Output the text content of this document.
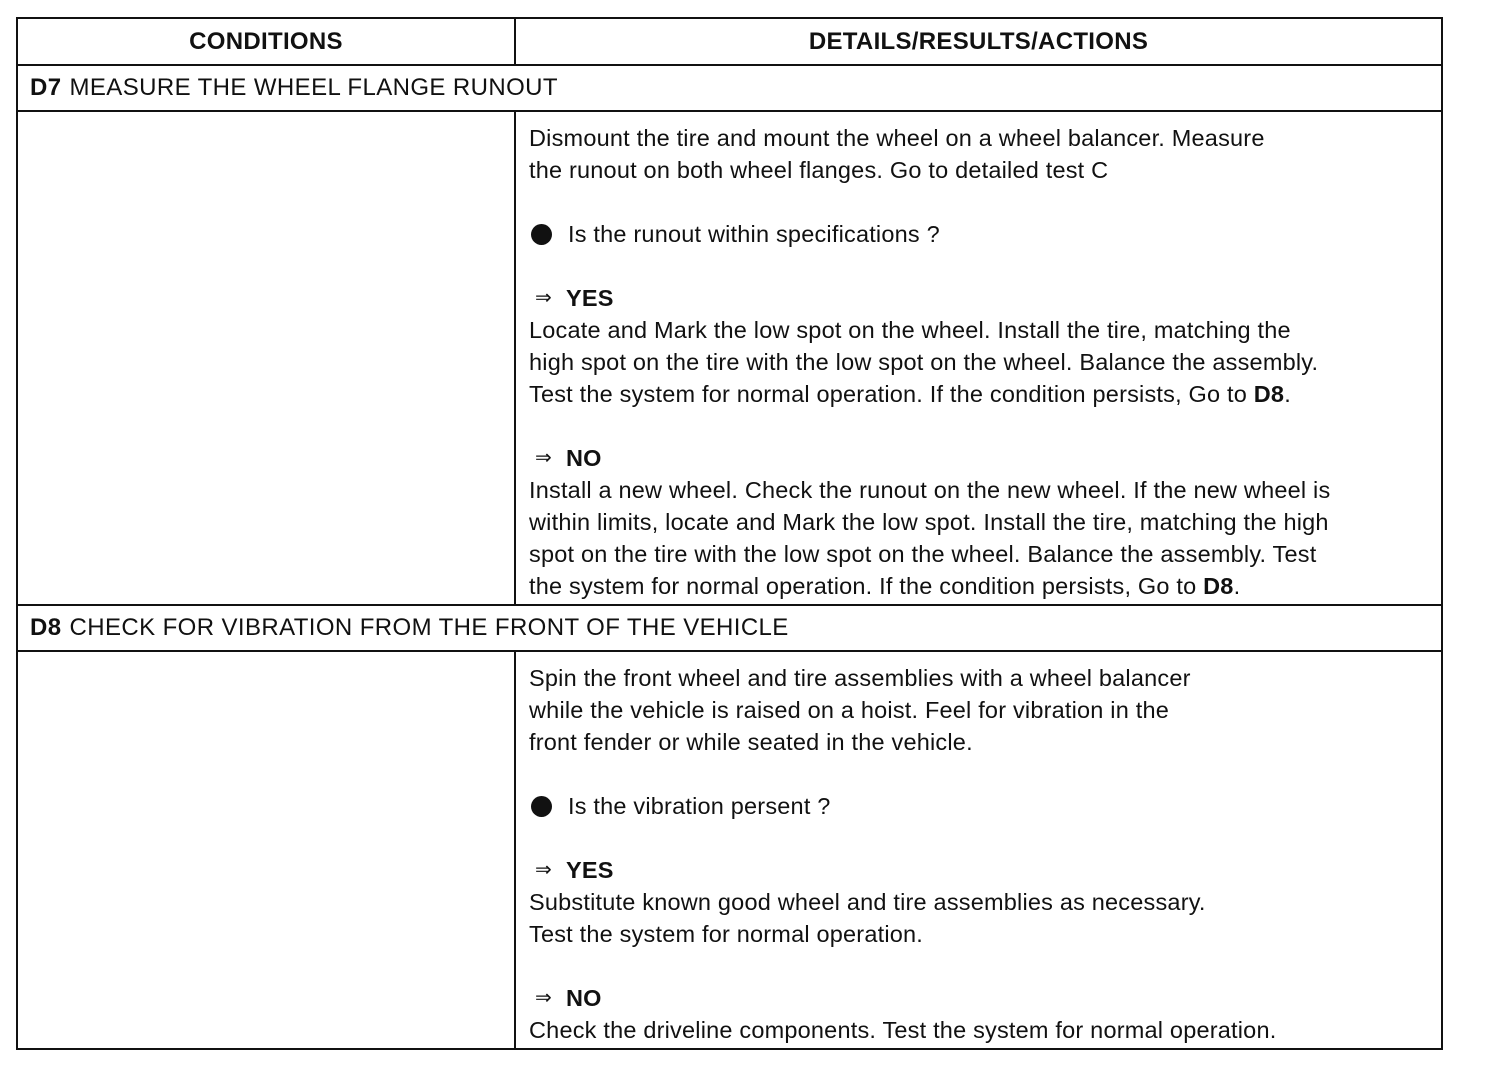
CONDITIONS	DETAILS/RESULTS/ACTIONS
D7 MEASURE THE WHEEL FLANGE RUNOUT

Dismount the tire and mount the wheel on a wheel balancer. Measure

the runout on both wheel flanges. Go to detailed test C

Is the runout within specifications ?
⇒ YES

Locate and Mark the low spot on the wheel. Install the tire, matching the

high spot on the tire with the low spot on the wheel. Balance the assembly.

Test the system for normal operation. If the condition persists, Go to D8.

⇒ NO

Install a new wheel. Check the runout on the new wheel. If the new wheel is

within limits, locate and Mark the low spot. Install the tire, matching the high

spot on the tire with the low spot on the wheel. Balance the assembly. Test

the system for normal operation. If the condition persists, Go to D8.

D8 CHECK FOR VIBRATION FROM THE FRONT OF THE VEHICLE

Spin the front wheel and tire assemblies with a wheel balancer

while the vehicle is raised on a hoist. Feel for vibration in the

front fender or while seated in the vehicle.

Is the vibration persent ?
⇒ YES

Substitute known good wheel and tire assemblies as necessary.

Test the system for normal operation.

⇒ NO

Check the driveline components. Test the system for normal operation.
